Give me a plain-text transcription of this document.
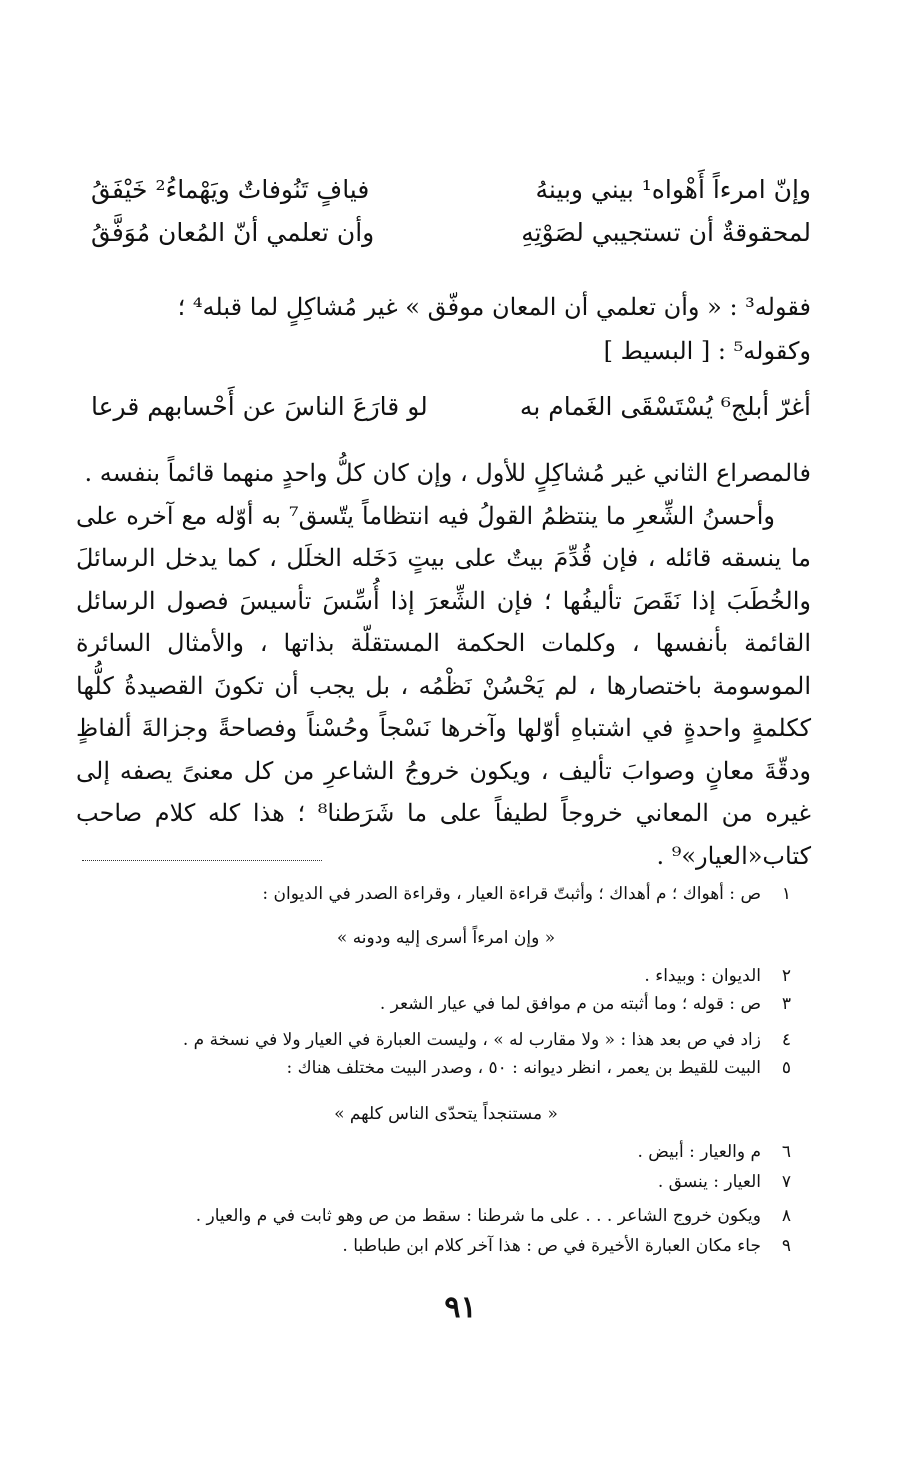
وإنّ امرءاً أَهْواه¹ بيني وبينهُ
فيافٍ تَنُوفاتٌ ويَهْماءُ² خَيْفَقُ
لمحقوقةٌ أن تستجيبي لصَوْتِهِ
وأن تعلمي أنّ المُعان مُوَفَّقُ
فقوله³ : « وأن تعلمي أن المعان موفّق » غير مُشاكِلٍ لما قبله⁴ ؛
وكقوله⁵ : [ البسيط ]
أغرّ أبلج⁶ يُسْتَسْقَى الغَمام به
لو قارَعَ الناسَ عن أَحْسابهم قرعا

فالمصراع الثاني غير مُشاكِلٍ للأول ، وإن كان كلُّ واحدٍ منهما قائماً بنفسه .

وأحسنُ الشِّعرِ ما ينتظمُ القولُ فيه انتظاماً يتّسق⁷ به أوّله مع آخره على ما ينسقه قائله ، فإن قُدِّمَ بيتٌ على بيتٍ دَخَله الخلَل ، كما يدخل الرسائلَ والخُطَبَ إذا نَقَصَ تأليفُها ؛ فإن الشِّعرَ إذا أُسِّسَ تأسيسَ فصول الرسائل القائمة بأنفسها ، وكلمات الحكمة المستقلّة بذاتها ، والأمثال السائرة الموسومة باختصارها ، لم يَحْسُنْ نَظْمُه ، بل يجب أن تكونَ القصيدةُ كلُّها ككلمةٍ واحدةٍ في اشتباهِ أوّلها وآخرها نَسْجاً وحُسْناً وفصاحةً وجزالةَ ألفاظٍ ودقّةَ معانٍ وصوابَ تأليف ، ويكون خروجُ الشاعرِ من كل معنىً يصفه إلى غيره من المعاني خروجاً لطيفاً على ما شَرَطنا⁸ ؛ هذا كله كلام صاحب كتاب«العيار»⁹ .

١ص : أهواك ؛ م أهداك ؛ وأثبتّ قراءة العيار ، وقراءة الصدر في الديوان :
« وإن امرءاً أسرى إليه ودونه »
٢الديوان : وبيداء .
٣ص : قوله ؛ وما أثبته من م موافق لما في عيار الشعر .
٤زاد في ص بعد هذا : « ولا مقارب له » ، وليست العبارة في العيار ولا في نسخة م .
٥البيت للقيط بن يعمر ، انظر ديوانه : ٥٠ ، وصدر البيت مختلف هناك :
« مستنجداً يتحدّى الناس كلهم »
٦م والعيار : أبيض .
٧العيار : ينسق .
٨ويكون خروج الشاعر . . . على ما شرطنا : سقط من ص وهو ثابت في م والعيار .
٩جاء مكان العبارة الأخيرة في ص : هذا آخر كلام ابن طباطبا .
٩١
